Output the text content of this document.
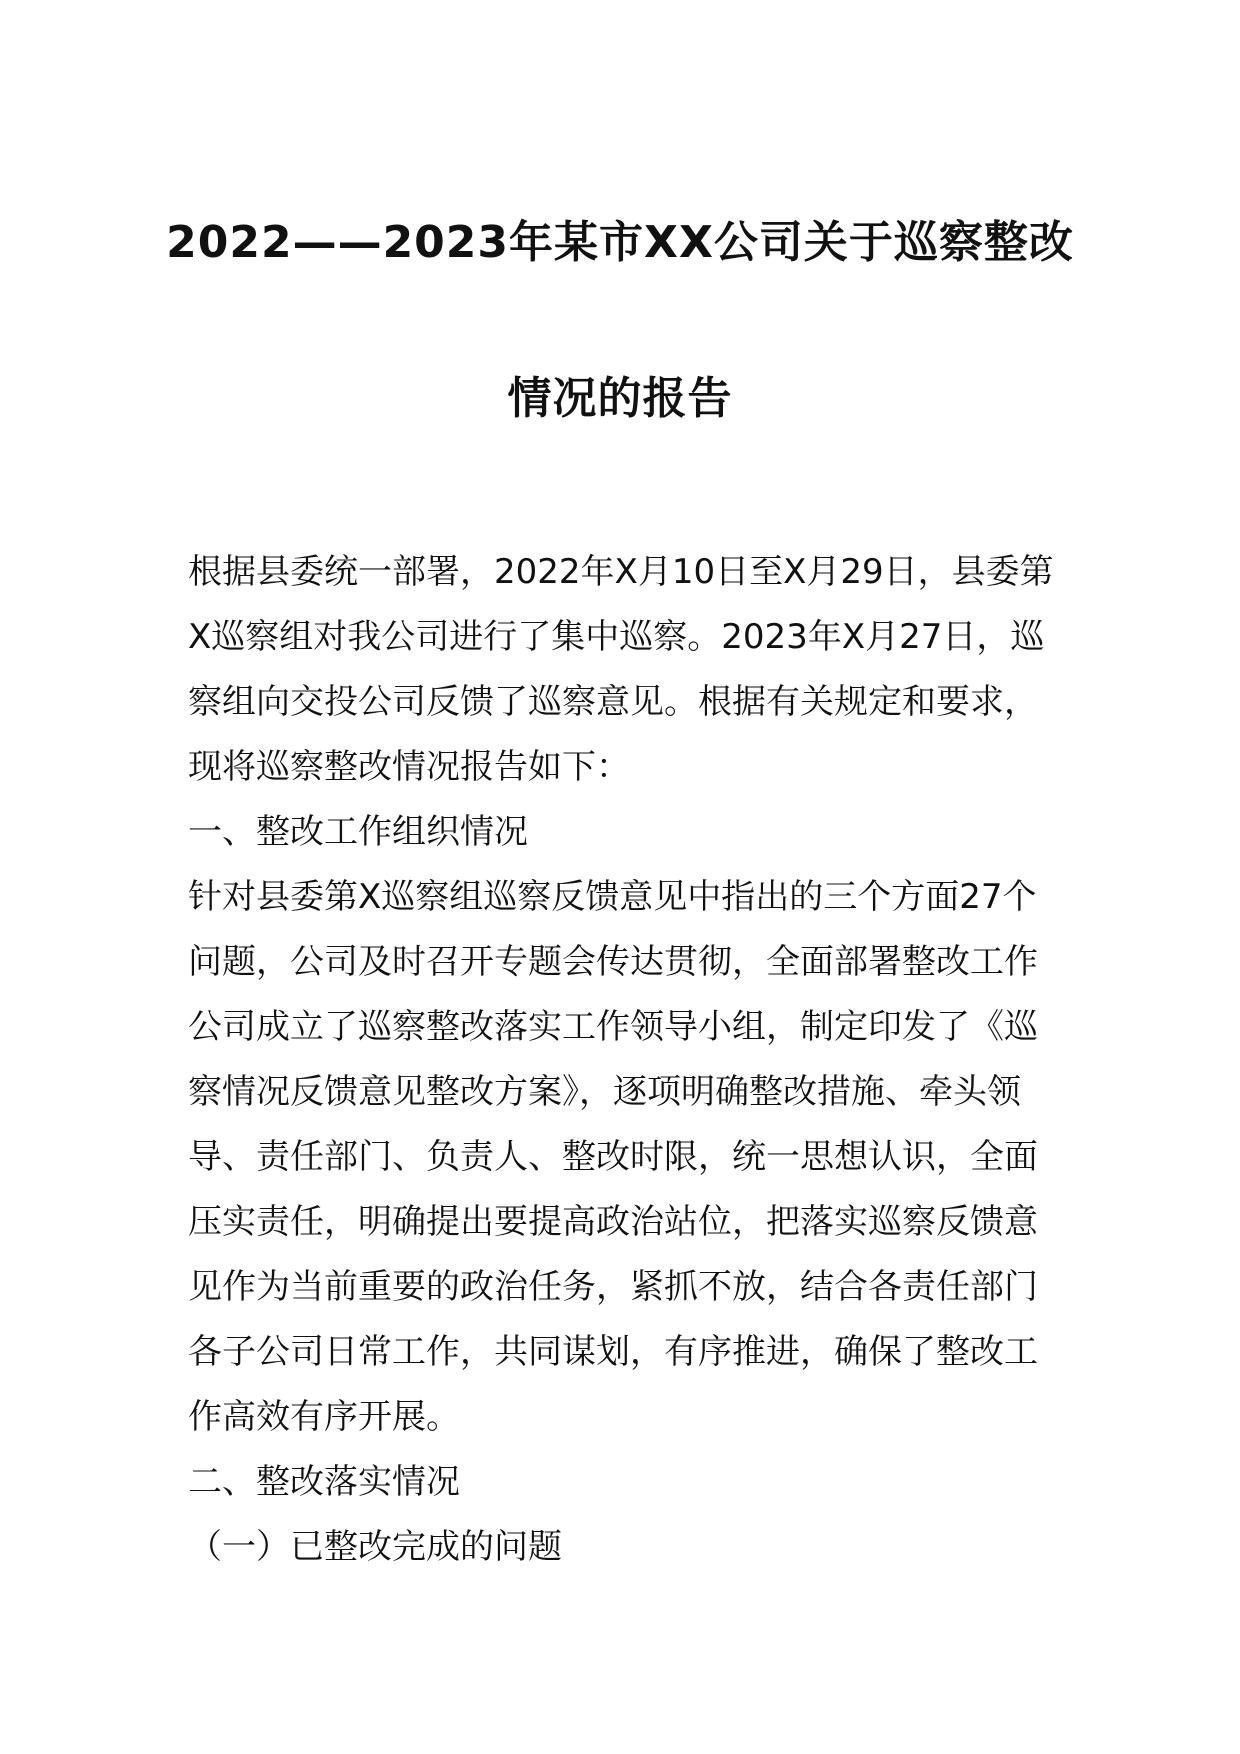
2022——2023年某市XX公司关于巡察整改
情况的报告
根据县委统一部署，2022年X月10日至X月29日，县委第
X巡察组对我公司进行了集中巡察。2023年X月27日，巡
察组向交投公司反馈了巡察意见。根据有关规定和要求，
现将巡察整改情况报告如下：
一、整改工作组织情况
针对县委第X巡察组巡察反馈意见中指出的三个方面27个
问题，公司及时召开专题会传达贯彻，全面部署整改工作
公司成立了巡察整改落实工作领导小组，制定印发了《巡
察情况反馈意见整改方案》，逐项明确整改措施、牵头领
导、责任部门、负责人、整改时限，统一思想认识，全面
压实责任，明确提出要提高政治站位，把落实巡察反馈意
见作为当前重要的政治任务，紧抓不放，结合各责任部门
各子公司日常工作，共同谋划，有序推进，确保了整改工
作高效有序开展。
二、整改落实情况
（一）已整改完成的问题
